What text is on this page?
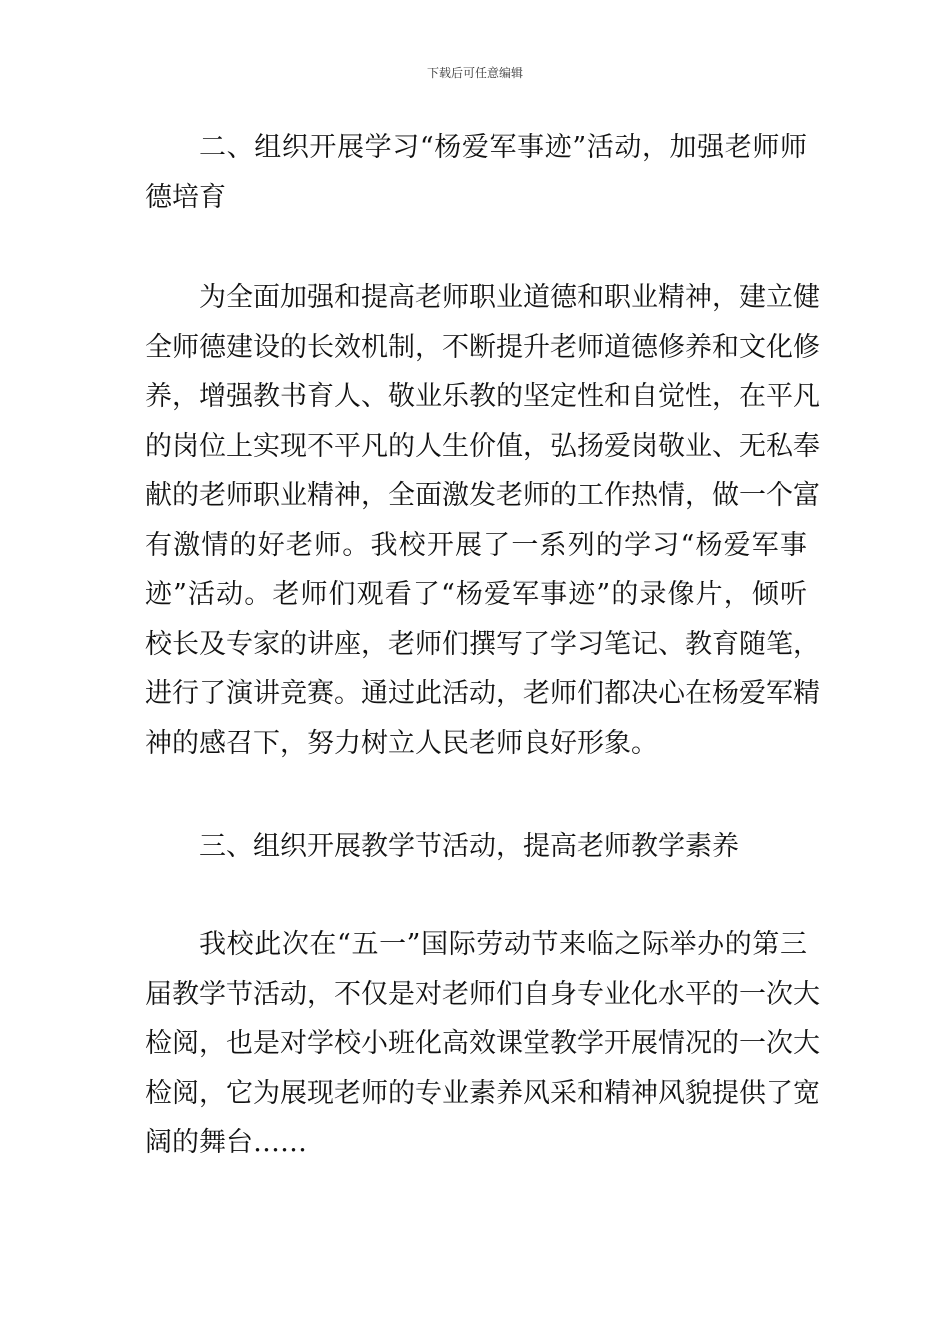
下载后可任意编辑
二、组织开展学习“杨爱军事迹”活动，加强老师师
德培育
为全面加强和提高老师职业道德和职业精神，建立健
全师德建设的长效机制，不断提升老师道德修养和文化修
养，增强教书育人、敬业乐教的坚定性和自觉性，在平凡
的岗位上实现不平凡的人生价值，弘扬爱岗敬业、无私奉
献的老师职业精神，全面激发老师的工作热情，做一个富
有激情的好老师。我校开展了一系列的学习“杨爱军事
迹”活动。老师们观看了“杨爱军事迹”的录像片，倾听
校长及专家的讲座，老师们撰写了学习笔记、教育随笔，
进行了演讲竞赛。通过此活动，老师们都决心在杨爱军精
神的感召下，努力树立人民老师良好形象。
三、组织开展教学节活动，提高老师教学素养
我校此次在“五一”国际劳动节来临之际举办的第三
届教学节活动，不仅是对老师们自身专业化水平的一次大
检阅，也是对学校小班化高效课堂教学开展情况的一次大
检阅，它为展现老师的专业素养风采和精神风貌提供了宽
阔的舞台……
